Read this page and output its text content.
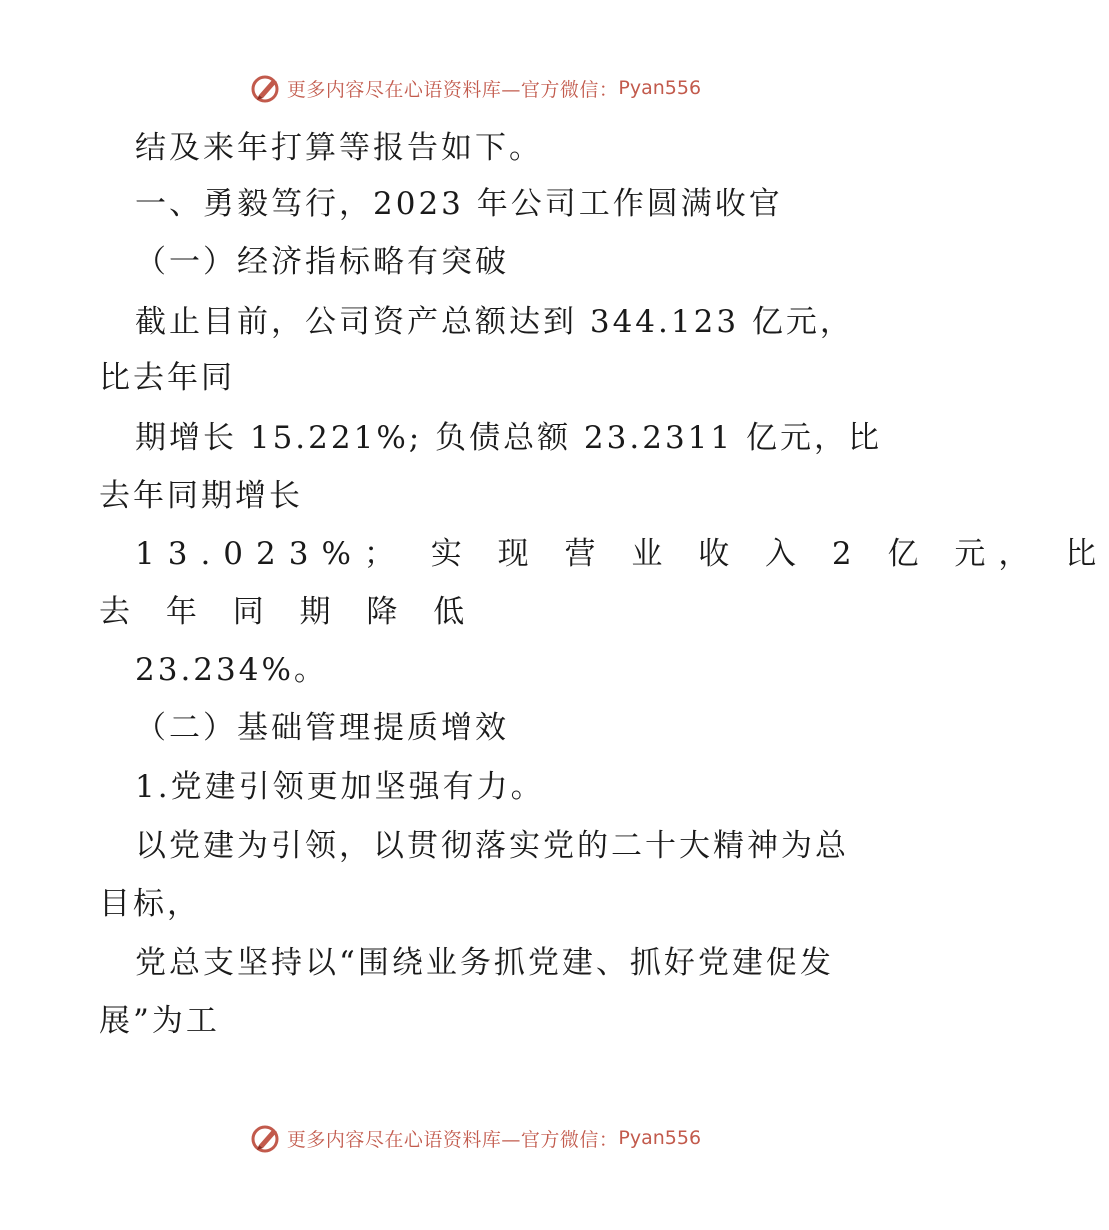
更多内容尽在心语资料库—官方微信： Pyan556
结及来年打算等报告如下。
一、勇毅笃行，2023 年公司工作圆满收官
（一）经济指标略有突破
截止目前，公司资产总额达到 344.123 亿元，
比去年同
期增长 15.221%; 负债总额 23.2311 亿元，比
去年同期增长
13.023%； 实 现 营 业 收 入 2 亿 元， 比
去 年 同 期 降 低
23.234%。
（二）基础管理提质增效
1.党建引领更加坚强有力。
以党建为引领，以贯彻落实党的二十大精神为总
目标，
党总支坚持以“围绕业务抓党建、抓好党建促发
展”为工
更多内容尽在心语资料库—官方微信： Pyan556
